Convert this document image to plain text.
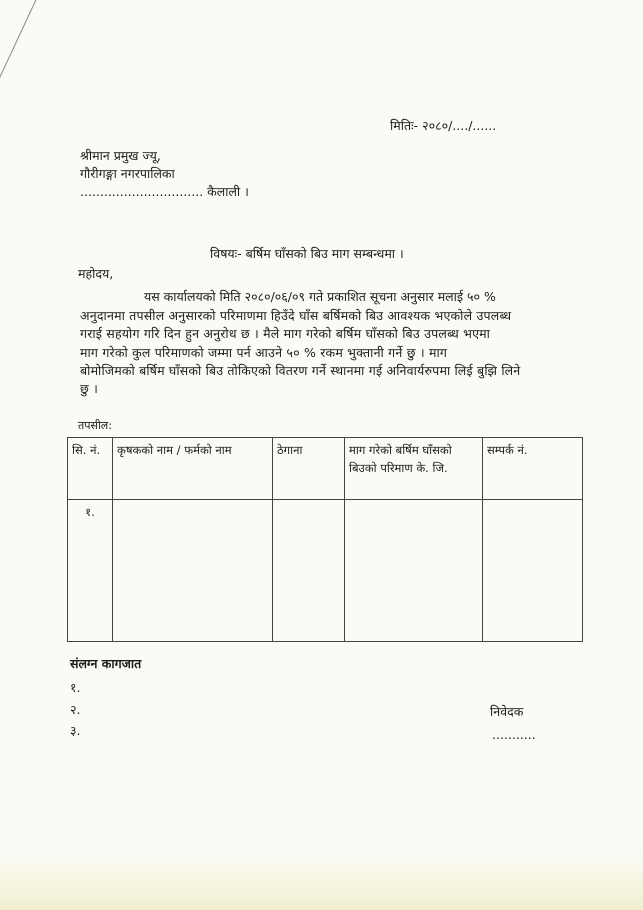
मितिः- २०८०/..../......
श्रीमान प्रमुख ज्यू,
गौरीगङ्गा नगरपालिका
............................... कैलाली ।
विषयः- बर्षिम घाँसको बिउ माग सम्बन्धमा ।
महोदय,
यस कार्यालयको मिति २०८०/०६/०९ गते प्रकाशित सूचना अनुसार मलाई ५० %
अनुदानमा तपसील अनुसारको परिमाणमा हिउँदे घाँस बर्षिमको बिउ आवश्यक भएकोले उपलब्ध
गराई सहयोग गरि दिन हुन अनुरोध छ । मैले माग गरेको बर्षिम घाँसको बिउ उपलब्ध भएमा
माग गरेको कुल परिमाणको जम्मा पर्न आउने ५० % रकम भुक्तानी गर्ने छु । माग
बोमोजिमको बर्षिम घाँसको बिउ तोकिएको वितरण गर्ने स्थानमा गई अनिवार्यरुपमा लिई बुझि लिने
छु ।
तपसील:
सि. नं.	कृषकको नाम / फर्मको नाम	ठेगाना	माग गरेको बर्षिम घाँसको बिउको परिमाण के. जि.	सम्पर्क नं.
१.				
संलग्न कागजात
१.
२.
३.
निवेदक
...........
